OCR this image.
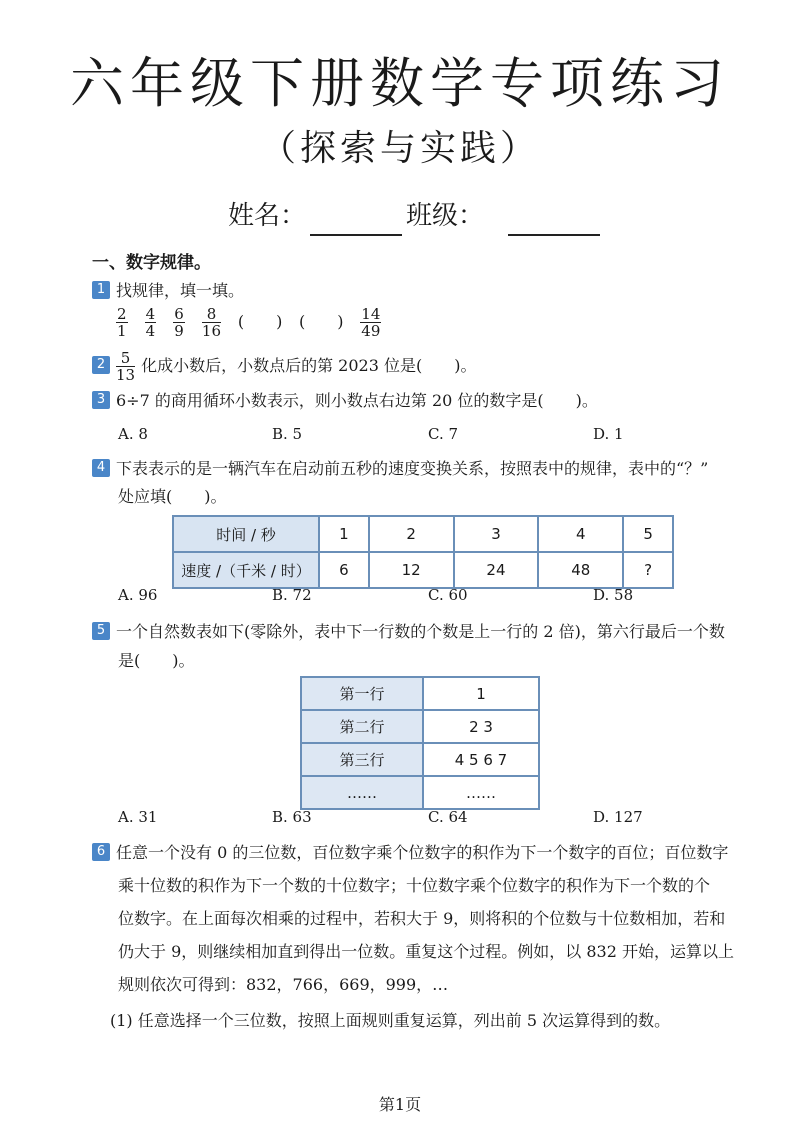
六年级下册数学专项练习
（探索与实践）
姓名：	班级：
一、数字规律。
1 找规律，填一填。
$\frac{2}{1}$
$\frac{4}{4}$
$\frac{6}{9}$
$\frac{8}{16}$ (　　) (　　) $\frac{14}{49}$
$2 \frac{5}{13}$ 化成小数后，小数点后的第 2023 位是(　　)。
3 6÷7 的商用循环小数表示，则小数点右边第 20 位的数字是(　　)。
A. 8	B. 5	C. 7	D. 1
4 下表表示的是一辆汽车在启动前五秒的速度变换关系，按照表中的规律，表中的“？”
处应填(　　)。
时间 / 秒	1	2	3	4	5
速度 /（千米 / 时）	6	12	24	48	?
A. 96	B. 72	C. 60	D. 58
5 一个自然数表如下(零除外，表中下一行数的个数是上一行的 2 倍)，第六行最后一个数
是(　　)。
第一行	1
第二行	2 3
第三行	4 5 6 7
……	……
A. 31	B. 63	C. 64	D. 127
6 任意一个没有 0 的三位数，百位数字乘个位数字的积作为下一个数字的百位；百位数字
乘十位数的积作为下一个数的十位数字；十位数字乘个位数字的积作为下一个数的个
位数字。在上面每次相乘的过程中，若积大于 9，则将积的个位数与十位数相加，若和
仍大于 9，则继续相加直到得出一位数。重复这个过程。例如，以 832 开始，运算以上
规则依次可得到：832，766，669，999，…
(1) 任意选择一个三位数，按照上面规则重复运算，列出前 5 次运算得到的数。
第1页
